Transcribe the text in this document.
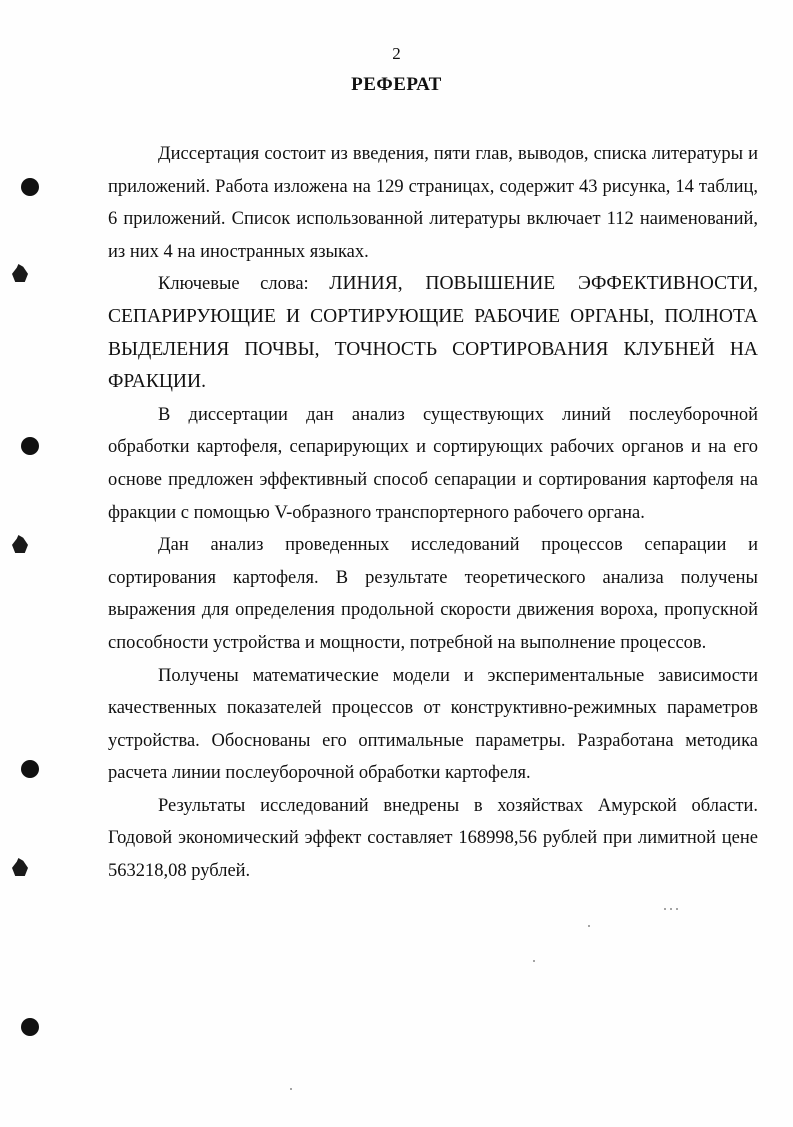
2
РЕФЕРАТ

Диссертация состоит из введения, пяти глав, выводов, списка литературы и приложений. Работа изложена на 129 страницах, содержит 43 рисунка, 14 таблиц, 6 приложений. Список использованной литературы включает 112 наименований, из них 4 на иностранных языках.

Ключевые слова: ЛИНИЯ, ПОВЫШЕНИЕ ЭФФЕКТИВНОСТИ, СЕПАРИРУЮЩИЕ И СОРТИРУЮЩИЕ РАБОЧИЕ ОРГАНЫ, ПОЛНОТА ВЫДЕЛЕНИЯ ПОЧВЫ, ТОЧНОСТЬ СОРТИРОВАНИЯ КЛУБНЕЙ НА ФРАКЦИИ.

В диссертации дан анализ существующих линий послеуборочной обработки картофеля, сепарирующих и сортирующих рабочих органов и на его основе предложен эффективный способ сепарации и сортирования картофеля на фракции с помощью V-образного транспортерного рабочего органа.

Дан анализ проведенных исследований процессов сепарации и сортирования картофеля. В результате теоретического анализа получены выражения для определения продольной скорости движения вороха, пропускной способности устройства и мощности, потребной на выполнение процессов.

Получены математические модели и экспериментальные зависимости качественных показателей процессов от конструктивно-режимных параметров устройства. Обоснованы его оптимальные параметры. Разработана методика расчета линии послеуборочной обработки картофеля.

Результаты исследований внедрены в хозяйствах Амурской области. Годовой экономический эффект составляет 168998,56 рублей при лимитной цене 563218,08 рублей.
